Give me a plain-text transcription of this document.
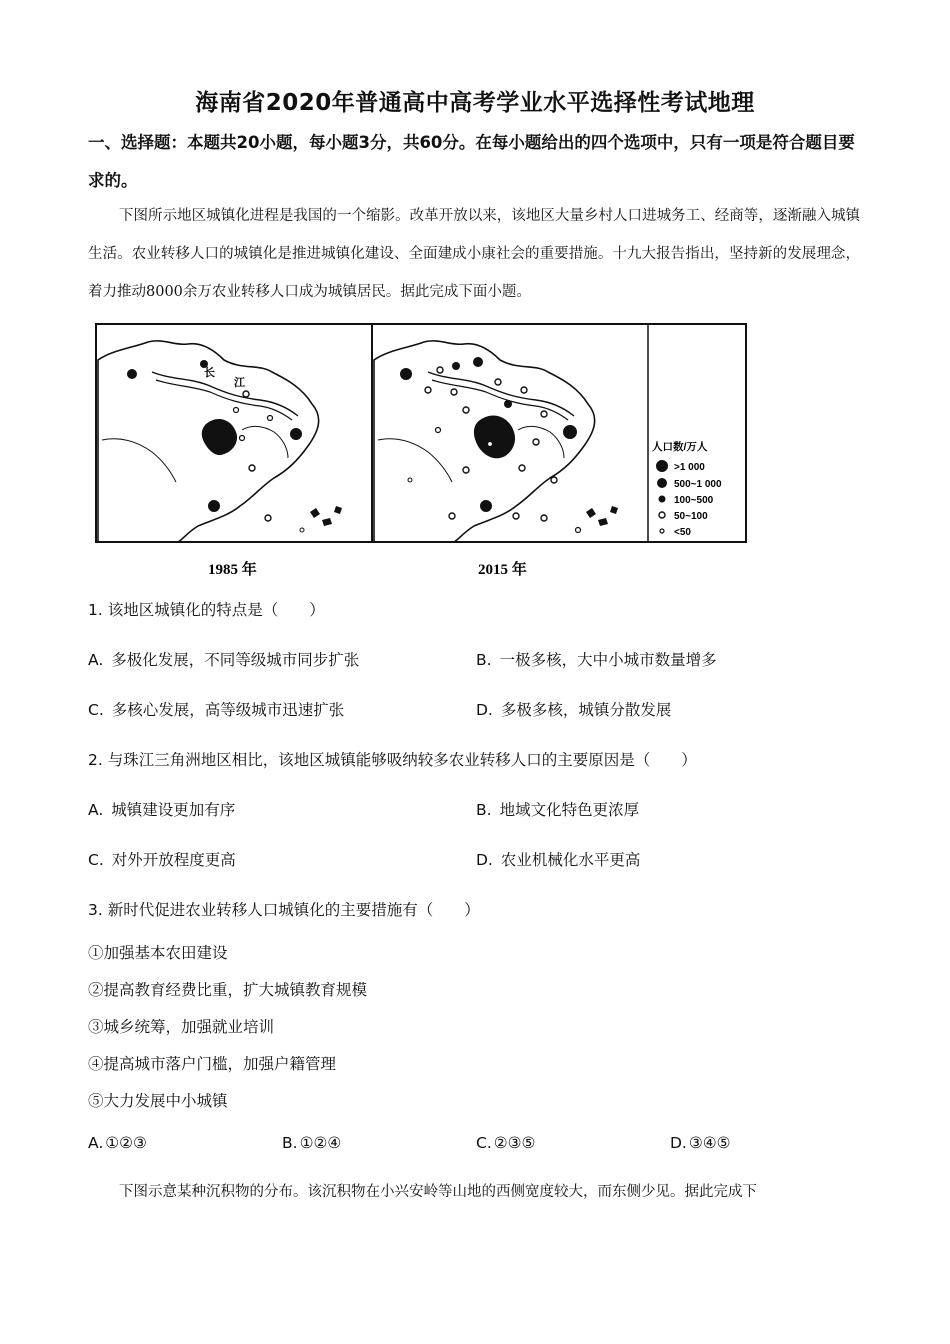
海南省2020年普通高中高考学业水平选择性考试地理
一、选择题：本题共20小题，每小题3分，共60分。在每小题给出的四个选项中，只有一项是符合题目要求的。
下图所示地区城镇化进程是我国的一个缩影。改革开放以来，该地区大量乡村人口进城务工、经商等，逐渐融入城镇生活。农业转移人口的城镇化是推进城镇化建设、全面建成小康社会的重要措施。十九大报告指出，坚持新的发展理念，着力推动8000余万农业转移人口成为城镇居民。据此完成下面小题。
长
江
人口数/万人
>1 000
500~1 000
100~500
50~100
<50
1985 年	2015 年
1. 该地区城镇化的特点是（　　）
A. 多极化发展，不同等级城市同步扩张	B. 一极多核，大中小城市数量增多
C. 多核心发展，高等级城市迅速扩张	D. 多极多核，城镇分散发展
2. 与珠江三角洲地区相比，该地区城镇能够吸纳较多农业转移人口的主要原因是（　　）
A. 城镇建设更加有序	B. 地域文化特色更浓厚
C. 对外开放程度更高	D. 农业机械化水平更高
3. 新时代促进农业转移人口城镇化的主要措施有（　　）
①加强基本农田建设
②提高教育经费比重，扩大城镇教育规模
③城乡统筹，加强就业培训
④提高城市落户门槛，加强户籍管理
⑤大力发展中小城镇
A. ①②③	B. ①②④	C. ②③⑤	D. ③④⑤
下图示意某种沉积物的分布。该沉积物在小兴安岭等山地的西侧宽度较大，而东侧少见。据此完成下
